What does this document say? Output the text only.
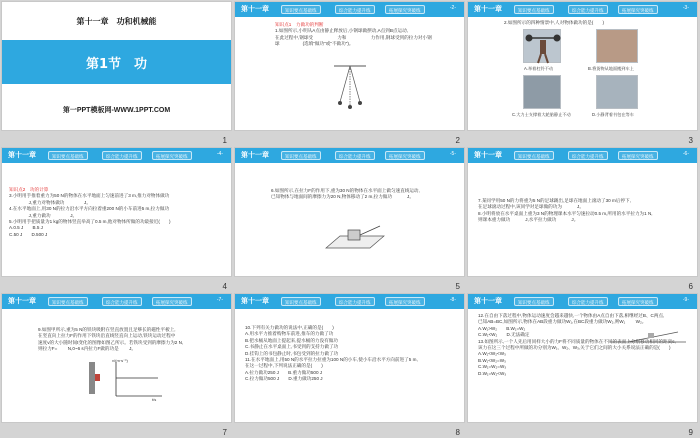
第十一章　功和机械能
第1节　功
第一PPT模板网-WWW.1PPT.COM
1
第十一章	知识要点基础练	综合能力提升练	拓展探究突破练	-2-
知识点1　力做功的判断
1.如图所示,小明从A点由静止释放后,小钢球做摆动,A点到B点运动,
在此过程中,钢球受　　　　　 力和　　　　　 力作用,钢球受到的拉力对小钢
球　　　　　(选填"做功"或"不做功")。
2
第十一章	知识要点基础练	综合能力提升练	拓展探究突破练	-3-
2.如图所示的四种情景中,人对物体做功的是(　　)
A.举着杠铃不动	B.将货物从地面搬到车上
C.大力士支撑着大轮胎静止不动	D.小静背着书包在等车
3
第十一章	知识要点基础练	综合能力提升练	拓展探究突破练	-4-
知识点2　功的计算
3.小明用手推着重力为50 N的物体在水平地面上匀速前进了3 m,推力对物体做功
　　　　 J,重力对物体做功　　　　 J。
4.在水平地面上,用30 N的拉力沿水平方向拉着重200 N的小车前进5 m,拉力做功
　　　　 J,重力做功　　　　 J。
5.小明用手把质量为1 kg的物体竖直举高了0.5 m,他对物体所做的功最接近(　　)
A.0.5 J　　B.5 J
C.50 J　　D.500 J
4
第十一章	知识要点基础练	综合能力提升练	拓展探究突破练	-5-
6.如图所示,在拉力F的作用下,重为30 N的物体在水平面上做匀速直线运动,
已知物体与地面间的摩擦力为20 N,物体移动了2 m,拉力做功　　　 J。
5
第十一章	知识要点基础练	综合能力提升练	拓展探究突破练	-6-
7.某同学用50 N的力将重为5 N的足球踢出,足球在地面上滚动了30 m后停下,
在足球滚动过程中,该同学对足球做的功为　　　 J。
8.小明将放在水平桌面上重为3 N的物理课本水平匀速拉动0.5 m,所用的水平拉力为1 N,
则课本重力做功　　　 J,水平拉力做功　　　 J。
6
第十一章	知识要点基础练	综合能力提升练	拓展探究突破练	-7-
9.如图甲所示,重为5 N的铁块吸附在竖直放置且足够长的磁性平板上,
在竖直向上拉力F的作用下铁块沿直线竖直向上运动,铁块运动过程中
速度v的大小随时间t变化的图像如图乙所示。若铁块受到的摩擦力为2 N,
则拉力F=　　 N,0~6 s内拉力F做的功是　　 J。
t/s
v/(m·s⁻¹)
7
第十一章	知识要点基础练	综合能力提升练	拓展探究突破练	-8-
10.下列有关力做功的说法中,正确的是(　　)
A.用水平力推着购物车前进,推车的力做了功
B.把水桶从地面上提起来,提水桶的力没有做功
C.书静止在水平桌面上,书受到的支持力做了功
D.挂钩上的书包静止时,书包受到的拉力做了功
11.在水平地面上,用50 N的水平拉力拉重为100 N的小车,使小车沿水平方向前进了5 m,
在这一过程中,下列说法正确的是(　　)
A.拉力做功250 J　　B.重力做功500 J
C.拉力做功500 J　　D.重力做功250 J
8
第十一章	知识要点基础练	综合能力提升练	拓展探究突破练	-9-
12.在自由下落过程中,物体运动速度会越来越快,一个物体由A点自由下落,相继经过B、C两点,
已知AB=BC,如图所示,物体在AB段重力做功W₁,在BC段重力做功W₂,则W₁　　 W₂。
A.W₁>W₂　　B.W₁=W₂
C.W₁<W₂　　D.无法确定
13.如图所示,一个人先后用同样大小的力F将不同质量的物体在不同的表面上分别移动相同的距离s,
该力在这三个过程中所做的功分别为W₁、W₂、W₃,关于它们之间的大小关系说法正确的是(　　)
A.W₁<W₂<W₃
B.W₁<W₂=W₃
C.W₁=W₂=W₃
D.W₁=W₂<W₃
9
